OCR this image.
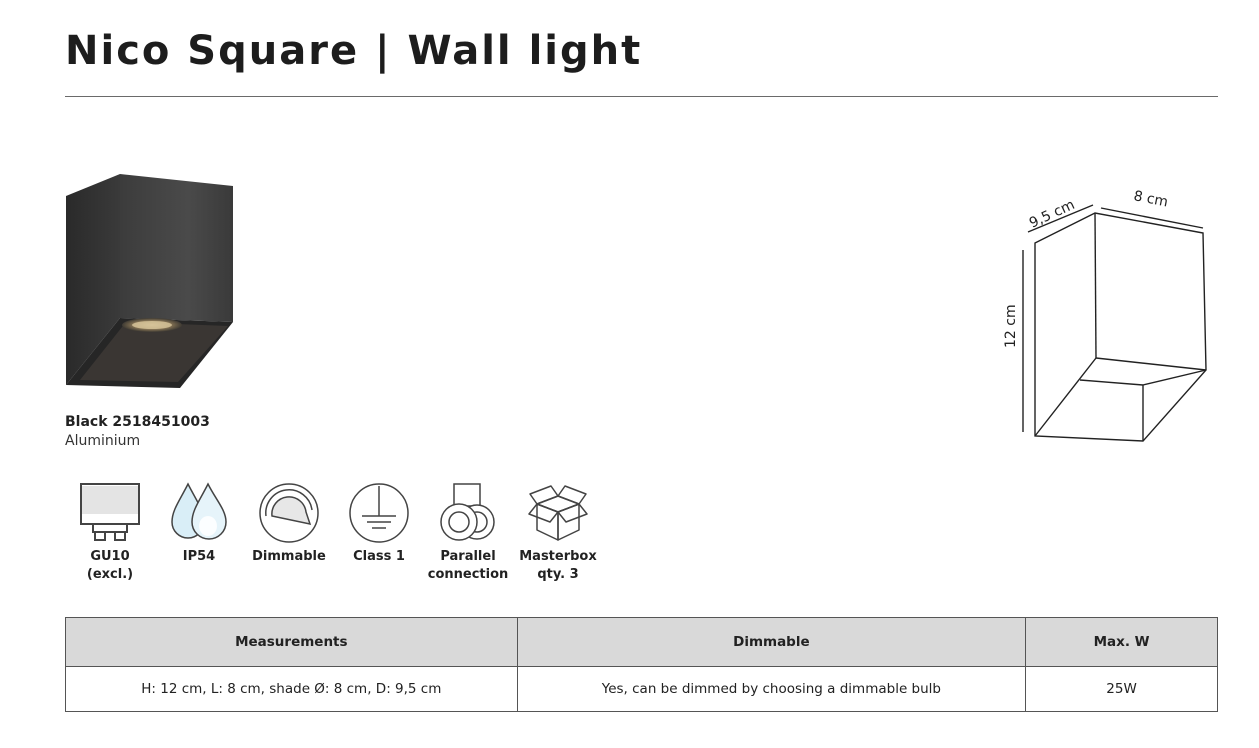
Nico Square | Wall light
Black 2518451003
Aluminium
9,5 cm	8 cm
12 cm
GU10
(excl.)
IP54	Dimmable	Class 1	Parallel
connection
Masterbox
qty. 3
Measurements	Dimmable	Max. W
H: 12 cm, L: 8 cm, shade Ø: 8 cm, D: 9,5 cm	Yes, can be dimmed by choosing a dimmable bulb	25W
